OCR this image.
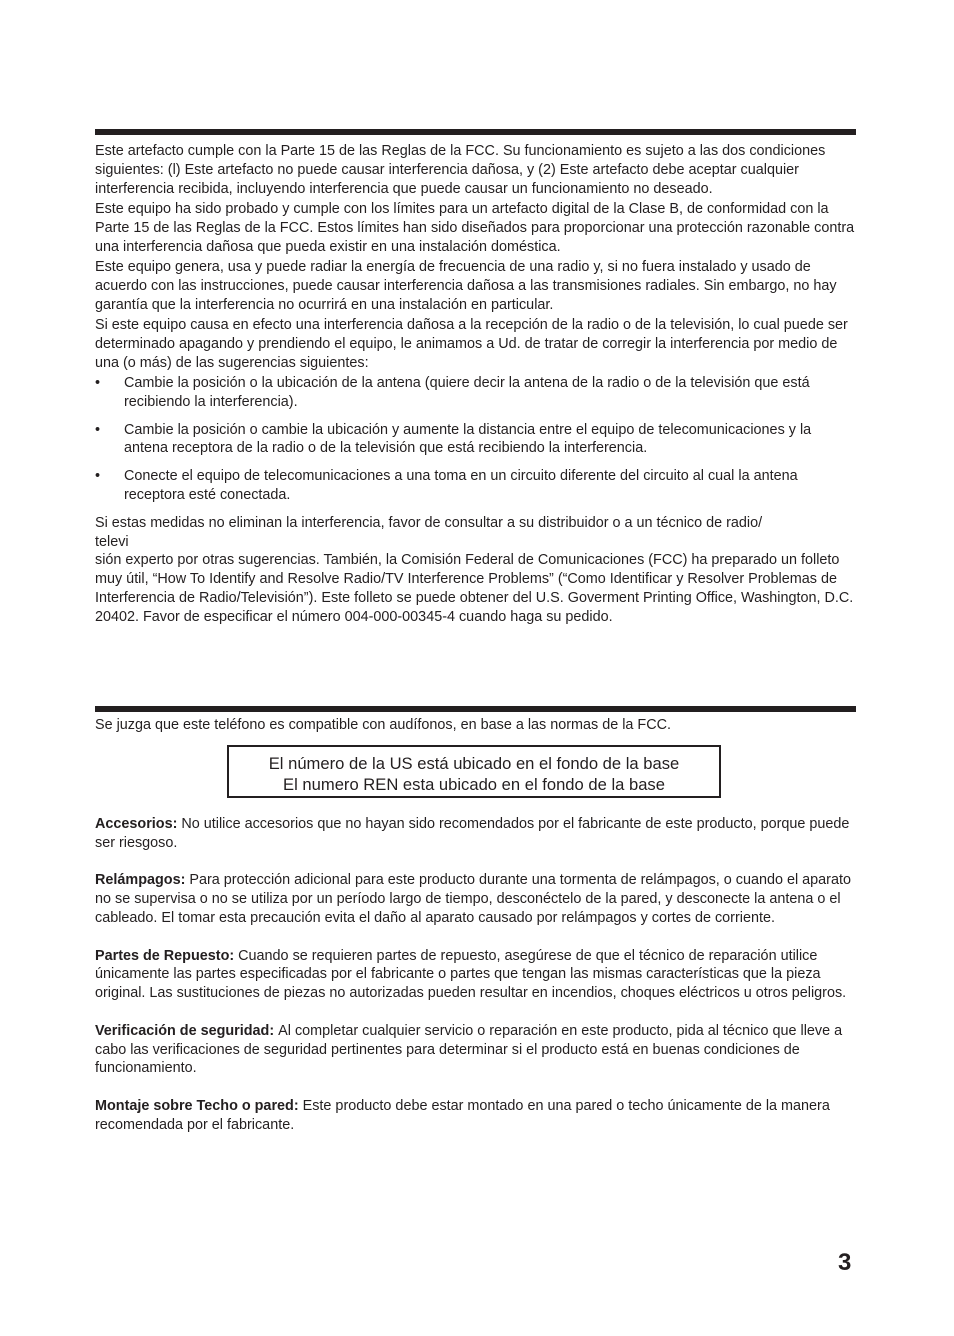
Este artefacto cumple con la Parte 15 de las Reglas de la FCC. Su funcionamiento es sujeto a las dos condiciones siguientes: (l) Este artefacto no puede causar interferencia dañosa, y (2) Este artefacto debe aceptar cualquier interferencia recibida, incluyendo interferencia que puede causar un funcionamiento no deseado.

Este equipo ha sido probado y cumple con los límites para un artefacto digital de la Clase B, de conformidad con la Parte 15 de las Reglas de la FCC. Estos límites han sido diseñados para proporcionar una protección razonable contra una interferencia dañosa que pueda existir en una instalación doméstica.

Este equipo genera, usa y puede radiar la energía de frecuencia de una radio y, si no fuera instalado y usado de acuerdo con las instrucciones, puede causar interferencia dañosa a las transmisiones radiales. Sin embargo, no hay garantía que la interferencia no ocurrirá en una instalación en particular.

Si este equipo causa en efecto una interferencia dañosa a la recepción de la radio o de la televisión, lo cual puede ser determinado apagando y prendiendo el equipo, le animamos a Ud. de tratar de corregir la interferencia por medio de una (o más) de las sugerencias siguientes:

• Cambie la posición o la ubicación de la antena (quiere decir la antena de la radio o de la televisión que está recibiendo la interferencia).
• Cambie la posición o cambie la ubicación y aumente la distancia entre el equipo de telecomunicaciones y la antena receptora de la radio o de la televisión que está recibiendo la interferencia.
• Conecte el equipo de telecomunicaciones a una toma en un circuito diferente del circuito al cual la antena receptora esté conectada.

Si estas medidas no eliminan la interferencia, favor de consultar a su distribuidor o a un técnico de radio/
televi

sión experto por otras sugerencias. También, la Comisión Federal de Comunicaciones (FCC) ha preparado un folleto muy útil, “How To Identify and Resolve Radio/TV Interference Problems” (“Como Identificar y Resolver Problemas de Interferencia de Radio/Televisión”). Este folleto se puede obtener del U.S. Goverment Printing Office, Washington, D.C. 20402. Favor de especificar el número 004-000-00345-4 cuando haga su pedido.

Se juzga que este teléfono es compatible con audífonos, en base a las normas de la FCC.

El número de la US está ubicado en el fondo de la base
El numero REN esta ubicado en el fondo de la base

Accesorios: No utilice accesorios que no hayan sido recomendados por el fabricante de este producto, porque puede ser riesgoso.

Relámpagos: Para protección adicional para este producto durante una tormenta de relámpagos, o cuando el aparato no se supervisa o no se utiliza por un período largo de tiempo, desconéctelo de la pared, y desconecte la antena o el cableado. El tomar esta precaución evita el daño al aparato causado por relámpagos y cortes de corriente.

Partes de Repuesto: Cuando se requieren partes de repuesto, asegúrese de que el técnico de reparación utilice únicamente las partes especificadas por el fabricante o partes que tengan las mismas características que la pieza original. Las sustituciones de piezas no autorizadas pueden resultar en incendios, choques eléctricos u otros peligros.

Verificación de seguridad: Al completar cualquier servicio o reparación en este producto, pida al técnico que lleve a cabo las verificaciones de seguridad pertinentes para determinar si el producto está en buenas condiciones de funcionamiento.

Montaje sobre Techo o pared: Este producto debe estar montado en una pared o techo únicamente de la manera recomendada por el fabricante.

3
